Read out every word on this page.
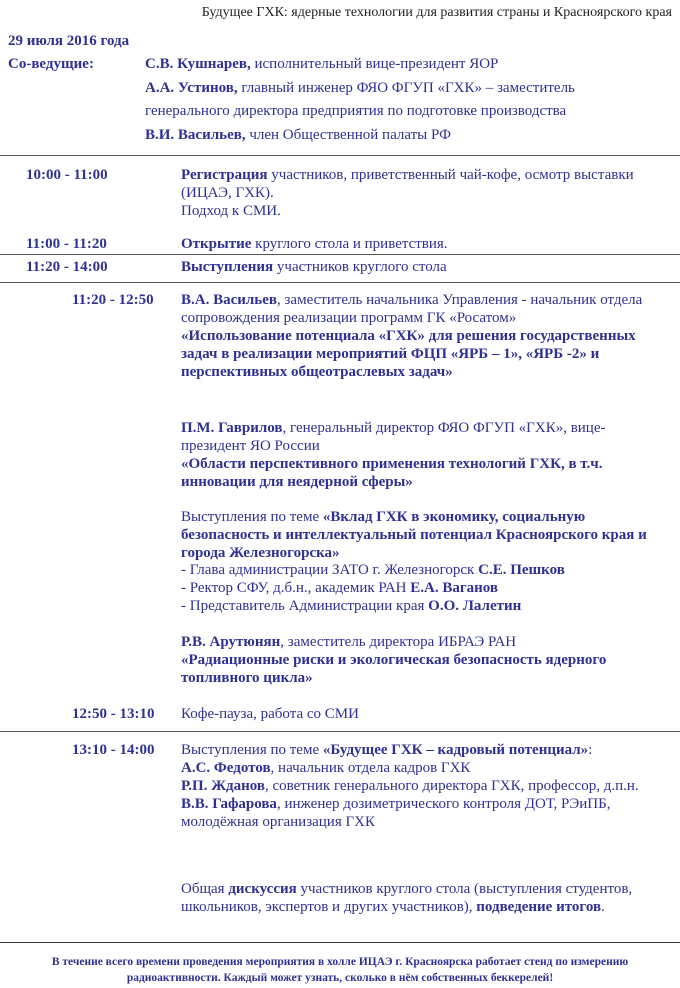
Будущее ГХК: ядерные технологии для развития страны и Красноярского края
29 июля 2016 года
Со-ведущие:	С.В. Кушнарев, исполнительный вице-президент ЯОР
А.А. Устинов, главный инженер ФЯО ФГУП «ГХК» – заместитель
генерального директора предприятия по подготовке производства
В.И. Васильев, член Общественной палаты РФ
10:00 - 11:00	Регистрация участников, приветственный чай-кофе, осмотр выставки
(ИЦАЭ, ГХК).
Подход к СМИ.
11:00 - 11:20	Открытие круглого стола и приветствия.
11:20 - 14:00	Выступления участников круглого стола
11:20 - 12:50 В.А. Васильев, заместитель начальника Управления - начальник отдела
сопровождения реализации программ ГК «Росатом»
«Использование потенциала «ГХК» для решения государственных
задач в реализации мероприятий ФЦП «ЯРБ – 1», «ЯРБ -2» и
перспективных общеотраслевых задач»
П.М. Гаврилов, генеральный директор ФЯО ФГУП «ГХК», вице-
президент ЯО России
«Области перспективного применения технологий ГХК, в т.ч.
инновации для неядерной сферы»
Выступления по теме «Вклад ГХК в экономику, социальную
безопасность и интеллектуальный потенциал Красноярского края и
города Железногорска»
- Глава администрации ЗАТО г. Железногорск С.Е. Пешков
- Ректор СФУ, д.б.н., академик РАН Е.А. Ваганов
- Представитель Администрации края О.О. Лалетин
Р.В. Арутюнян, заместитель директора ИБРАЭ РАН
«Радиационные риски и экологическая безопасность ядерного
топливного цикла»
12:50 - 13:10 Кофе-пауза, работа со СМИ
13:10 - 14:00 Выступления по теме «Будущее ГХК – кадровый потенциал»:
А.С. Федотов, начальник отдела кадров ГХК
Р.П. Жданов, советник генерального директора ГХК, профессор, д.п.н.
В.В. Гафарова, инженер дозиметрического контроля ДОТ, РЭиПБ,
молодёжная организация ГХК
Общая дискуссия участников круглого стола (выступления студентов,
школьников, экспертов и других участников), подведение итогов.
В течение всего времени проведения мероприятия в холле ИЦАЭ г. Красноярска работает стенд по измерению
радиоактивности. Каждый может узнать, сколько в нём собственных беккерелей!
